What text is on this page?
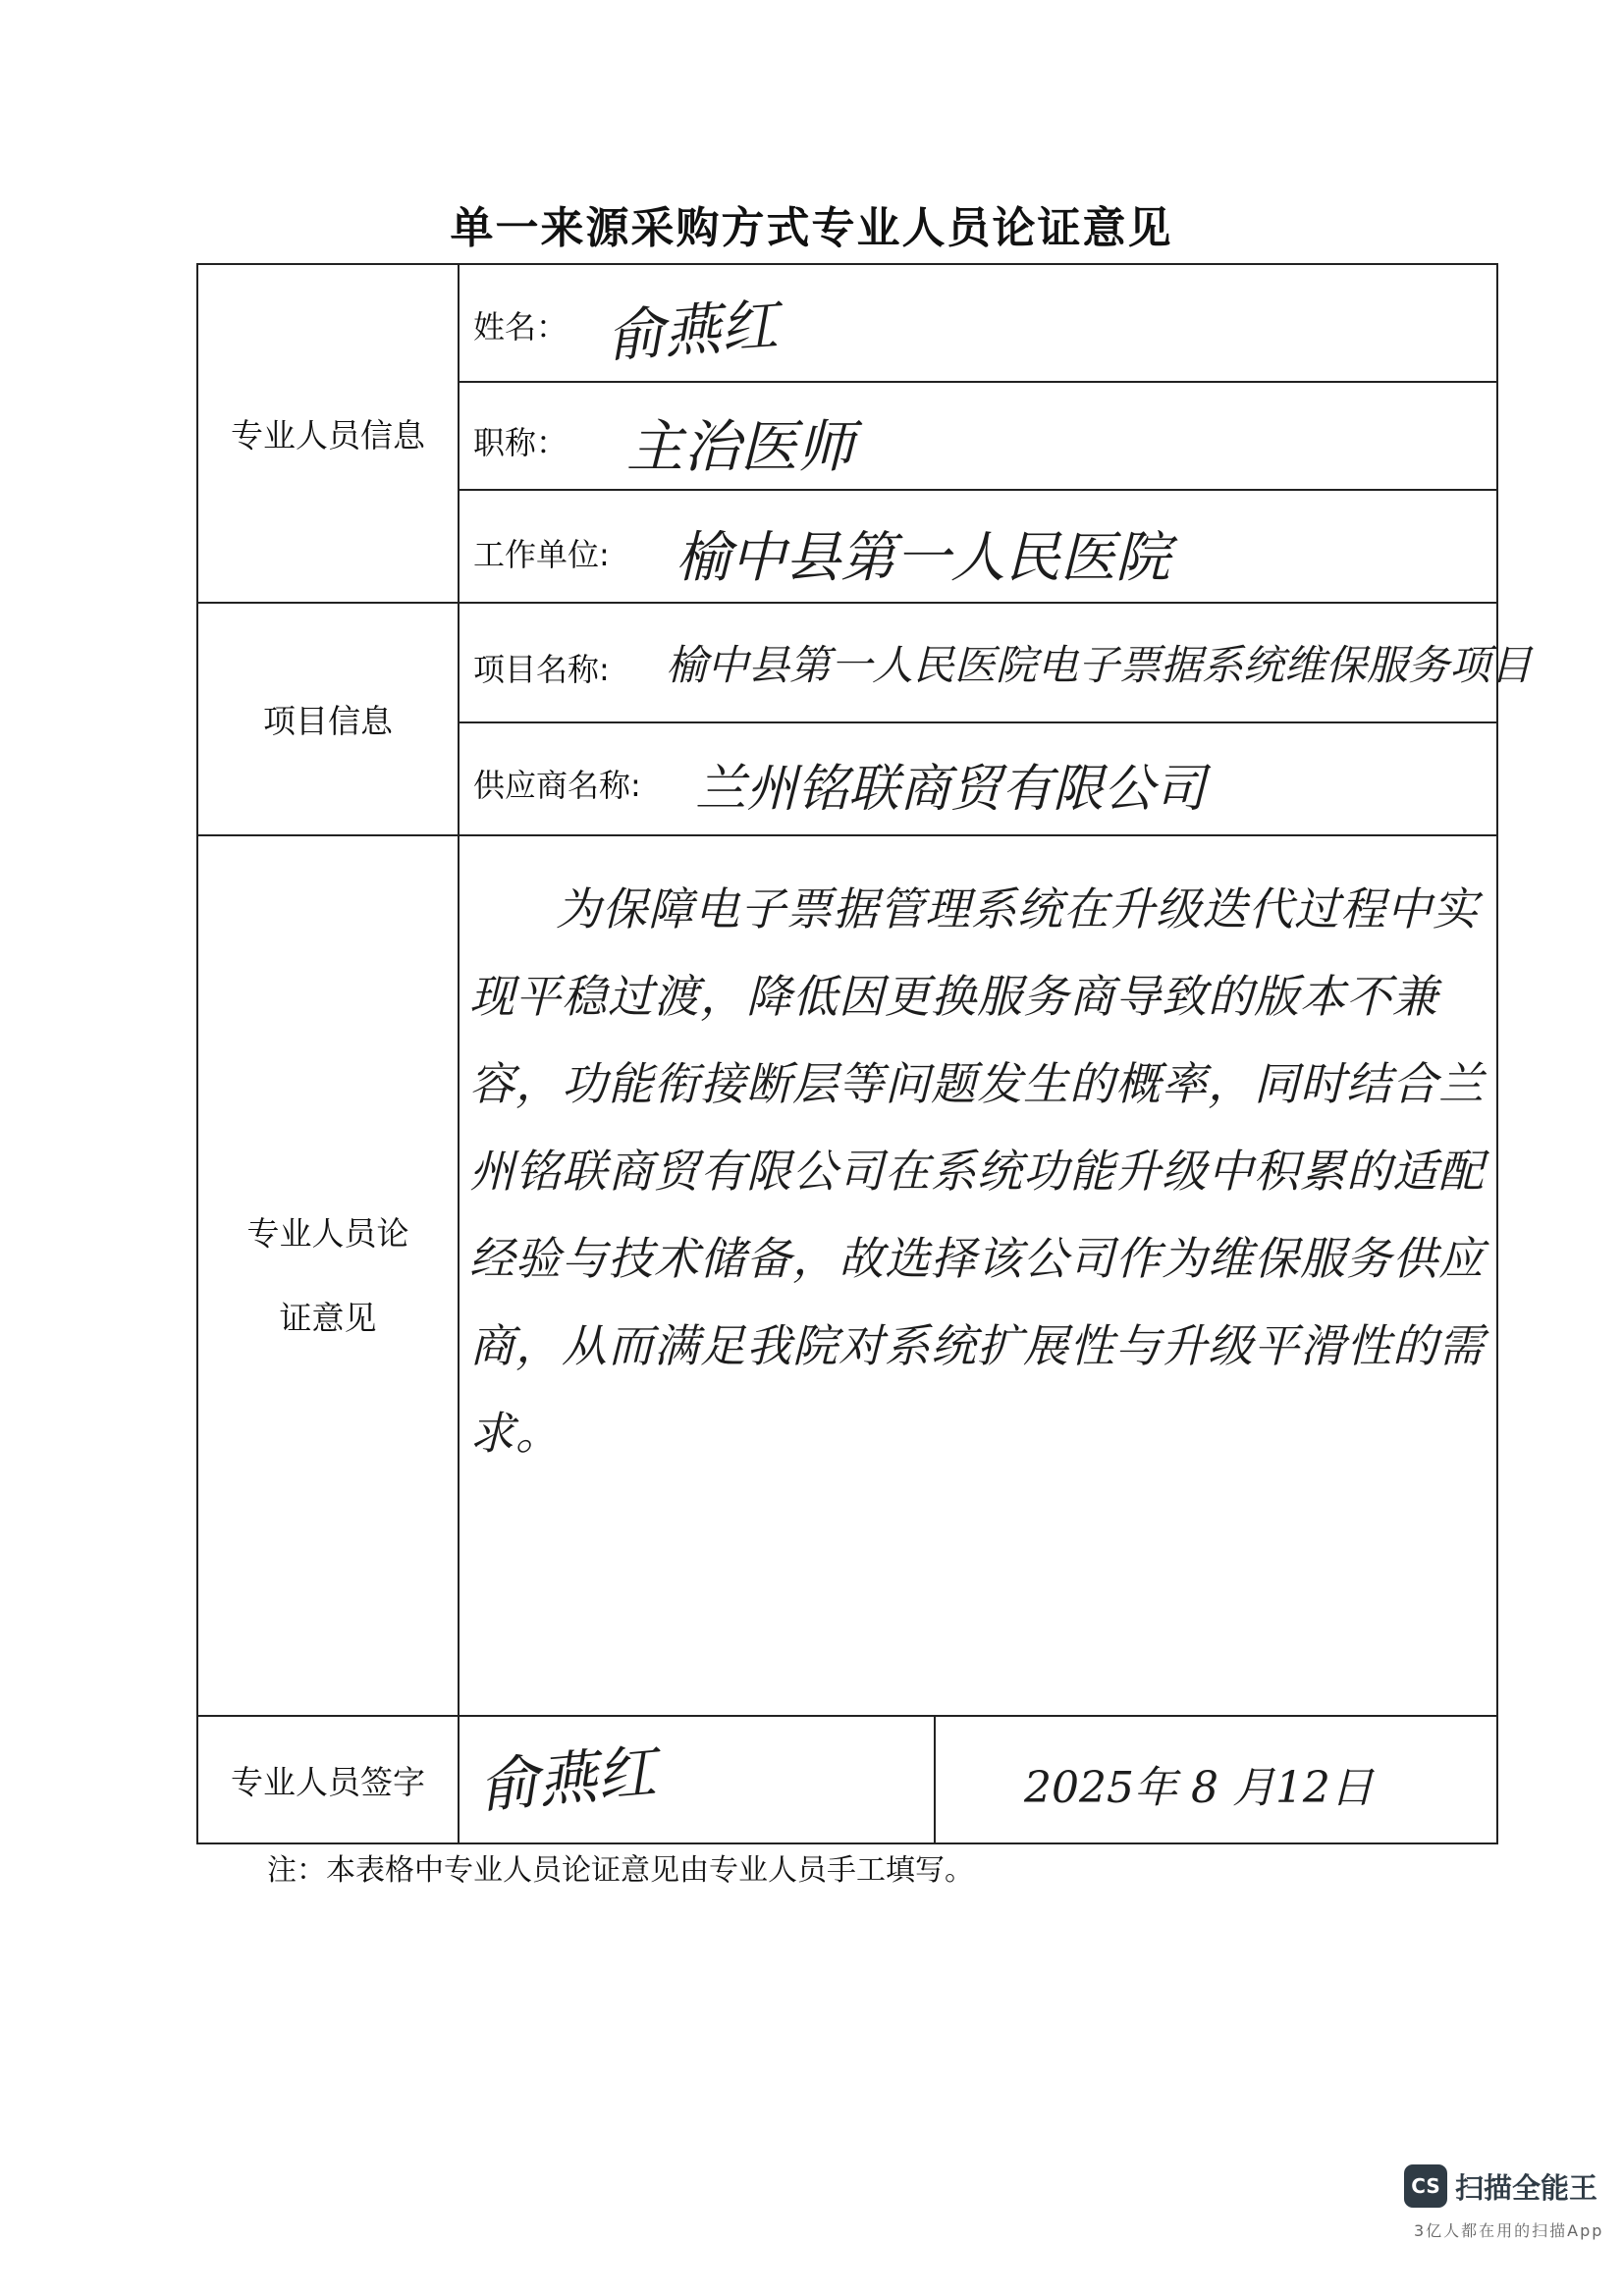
单一来源采购方式专业人员论证意见
专业人员信息	姓名： 俞燕红	

	职称： 主治医师	

	工作单位: 榆中县第一人民医院	

项目信息	项目名称: 榆中县第一人民医院电子票据系统维保服务项目	

	供应商名称: 兰州铭联商贸有限公司	

专业人员论证意见	为保障电子票据管理系统在升级迭代过程中实现平稳过渡，降低因更换服务商导致的版本不兼容，功能衔接断层等问题发生的概率，同时结合兰州铭联商贸有限公司在系统功能升级中积累的适配经验与技术储备，故选择该公司作为维保服务供应商，从而满足我院对系统扩展性与升级平滑性的需求。	

专业人员签字	俞燕红	2025年 8 月12日
注：本表格中专业人员论证意见由专业人员手工填写。
CS 扫描全能王
3亿人都在用的扫描App
